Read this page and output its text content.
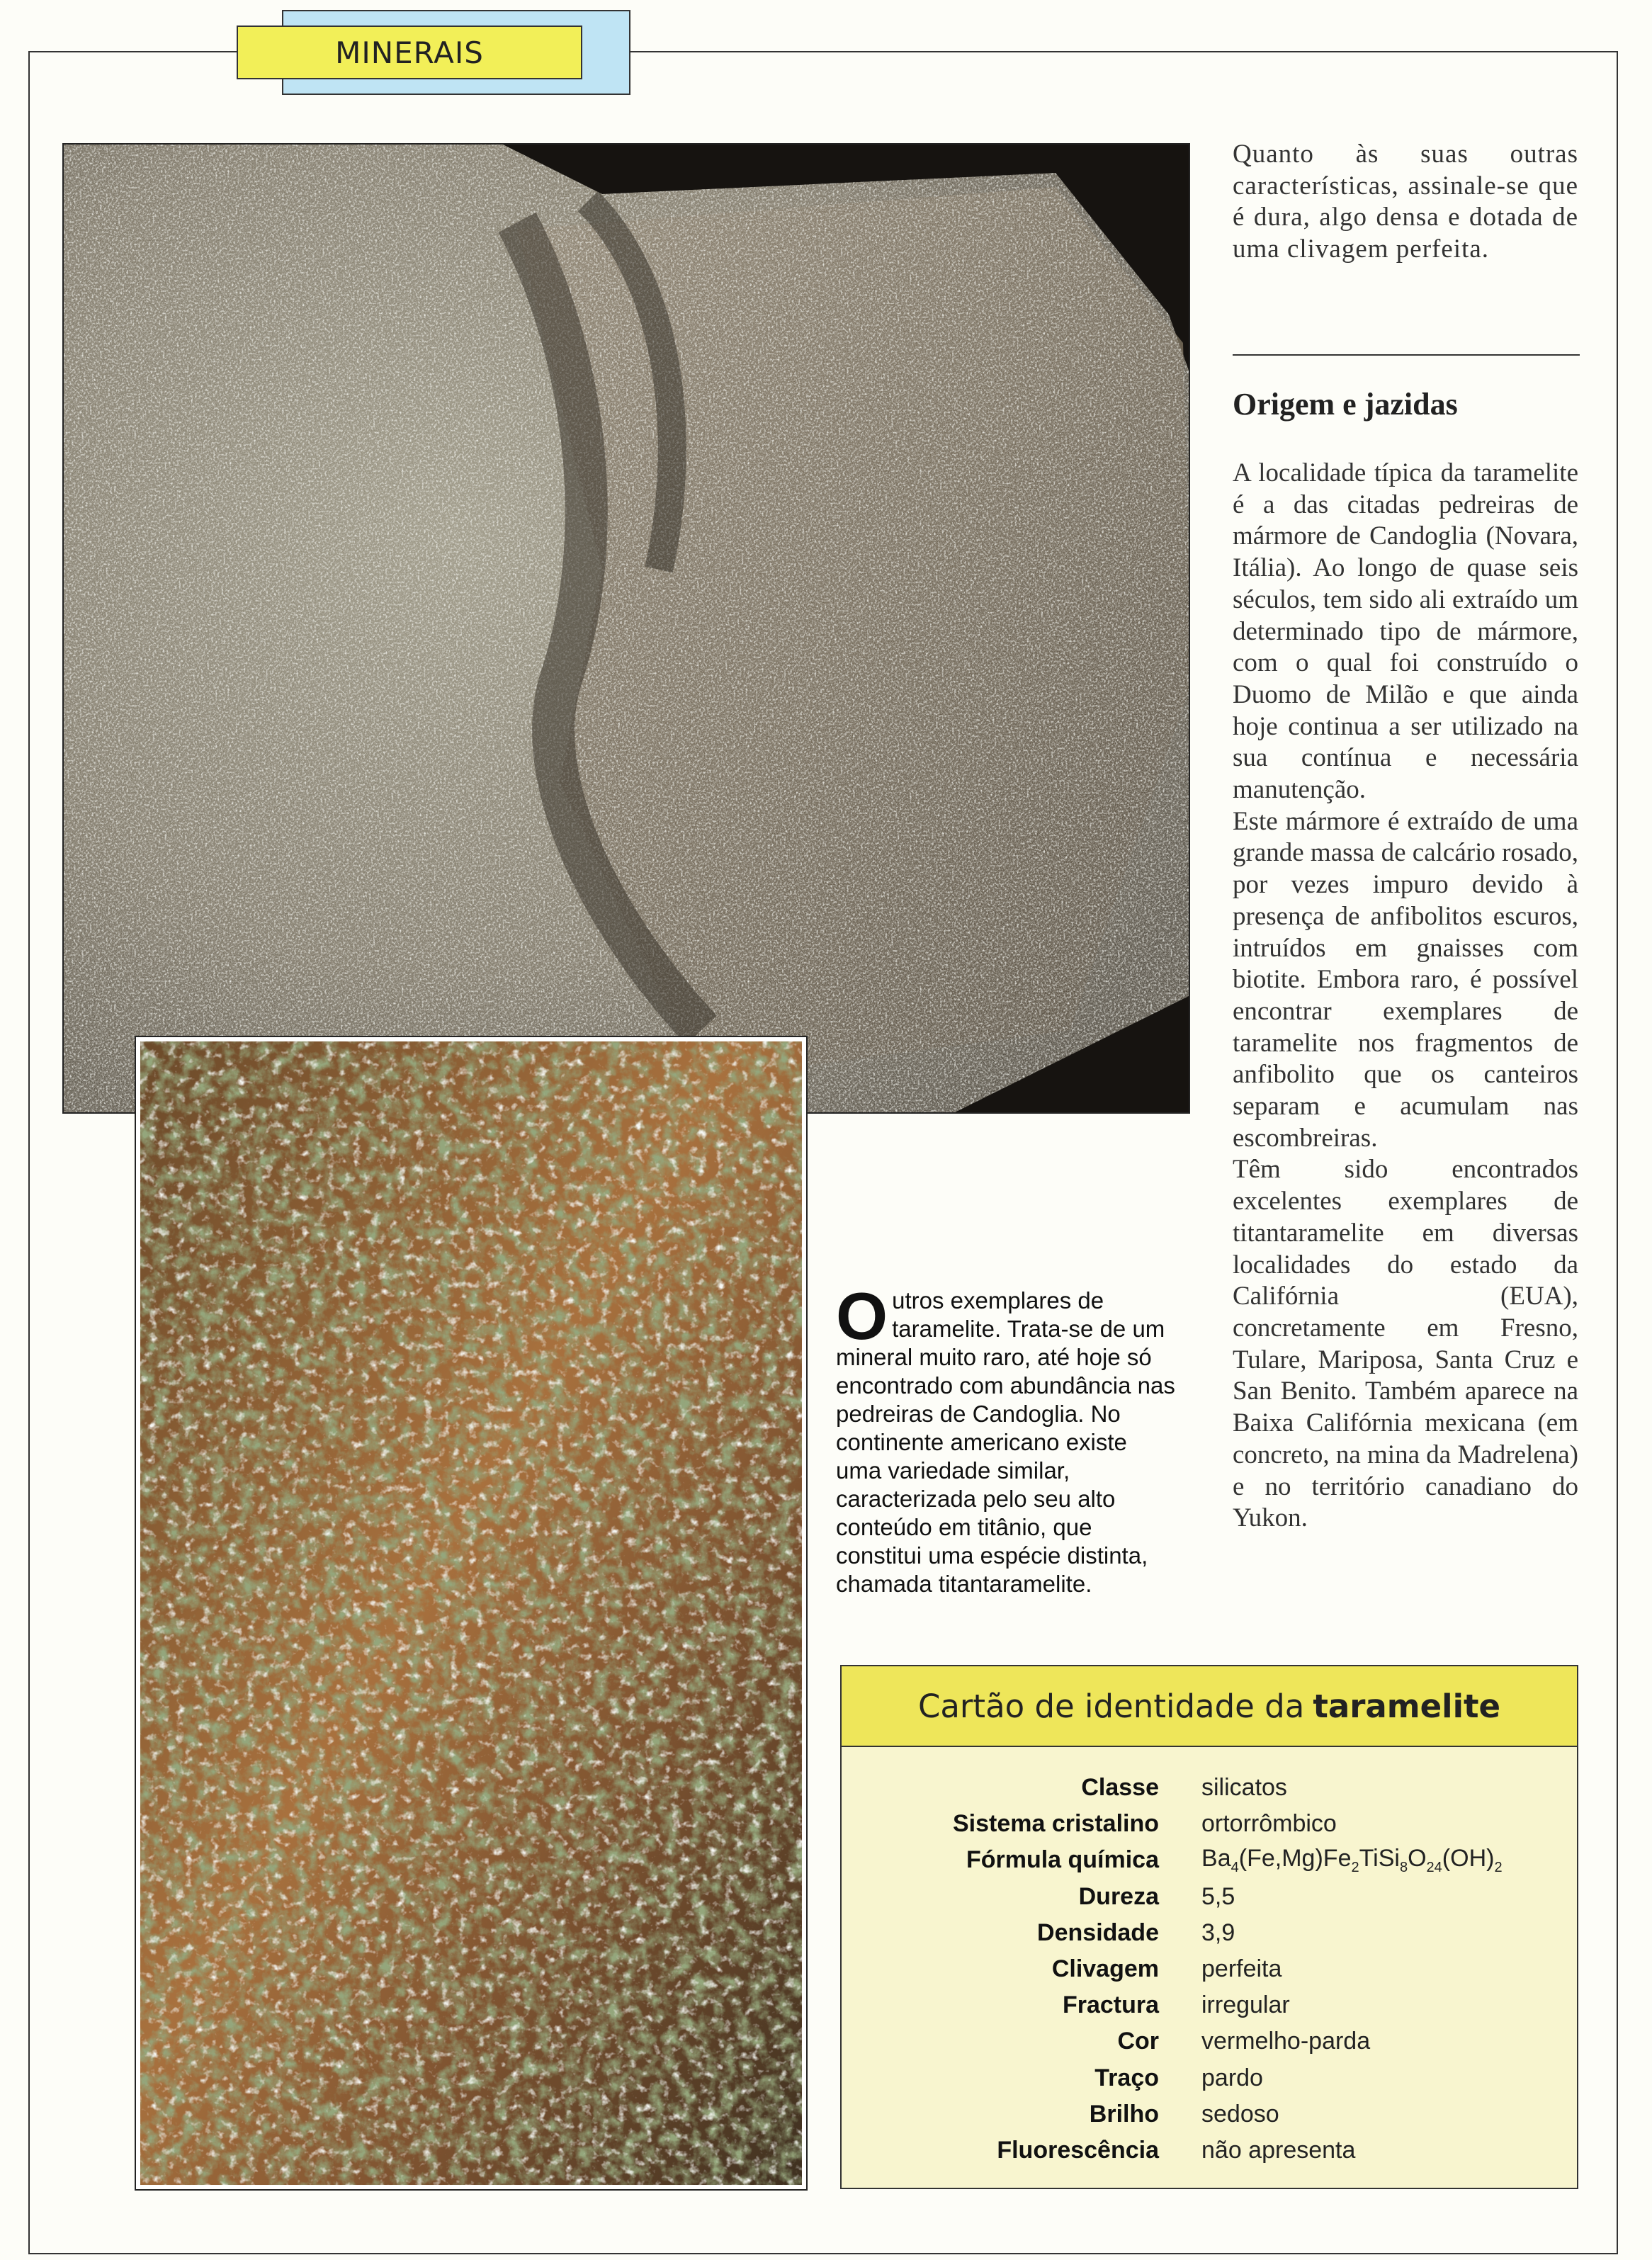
MINERAIS

Quanto às suas outras características, assinale-se que é dura, algo densa e dotada de uma clivagem perfeita.

Origem e jazidas

A localidade típica da taramelite é a das citadas pedreiras de mármore de Candoglia (Novara, Itália). Ao longo de quase seis séculos, tem sido ali extraído um determinado tipo de mármore, com o qual foi construído o Duomo de Milão e que ainda hoje continua a ser utilizado na sua contínua e necessária manutenção.

Este mármore é extraído de uma grande massa de calcário rosado, por vezes impuro devido à presença de anfibolitos escuros, intruídos em gnaisses com biotite. Embora raro, é possível encontrar exemplares de taramelite nos fragmentos de anfibolito que os canteiros separam e acumulam nas escombreiras.

Têm sido encontrados excelentes exemplares de titantaramelite em diversas localidades do estado da Califórnia (EUA), concretamente em Fresno, Tulare, Mariposa, Santa Cruz e San Benito. Também aparece na Baixa Califórnia mexicana (em concreto, na mina da Madrelena) e no território canadiano do Yukon.

Outros exemplares de taramelite. Trata-se de um mineral muito raro, até hoje só encontrado com abundância nas pedreiras de Candoglia. No continente americano existe uma variedade similar, caracterizada pelo seu alto conteúdo em titânio, que constitui uma espécie distinta, chamada titantaramelite.
Cartão de identidade da taramelite
Classe silicatos
Sistema cristalino ortorrômbico
Fórmula química $Ba_4(Fe,Mg)Fe_2TiSi_8O_{24}(OH)_2$
Dureza 5,5
Densidade 3,9
Clivagem perfeita
Fractura irregular
Cor vermelho-parda
Traço pardo
Brilho sedoso
Fluorescência não apresenta
